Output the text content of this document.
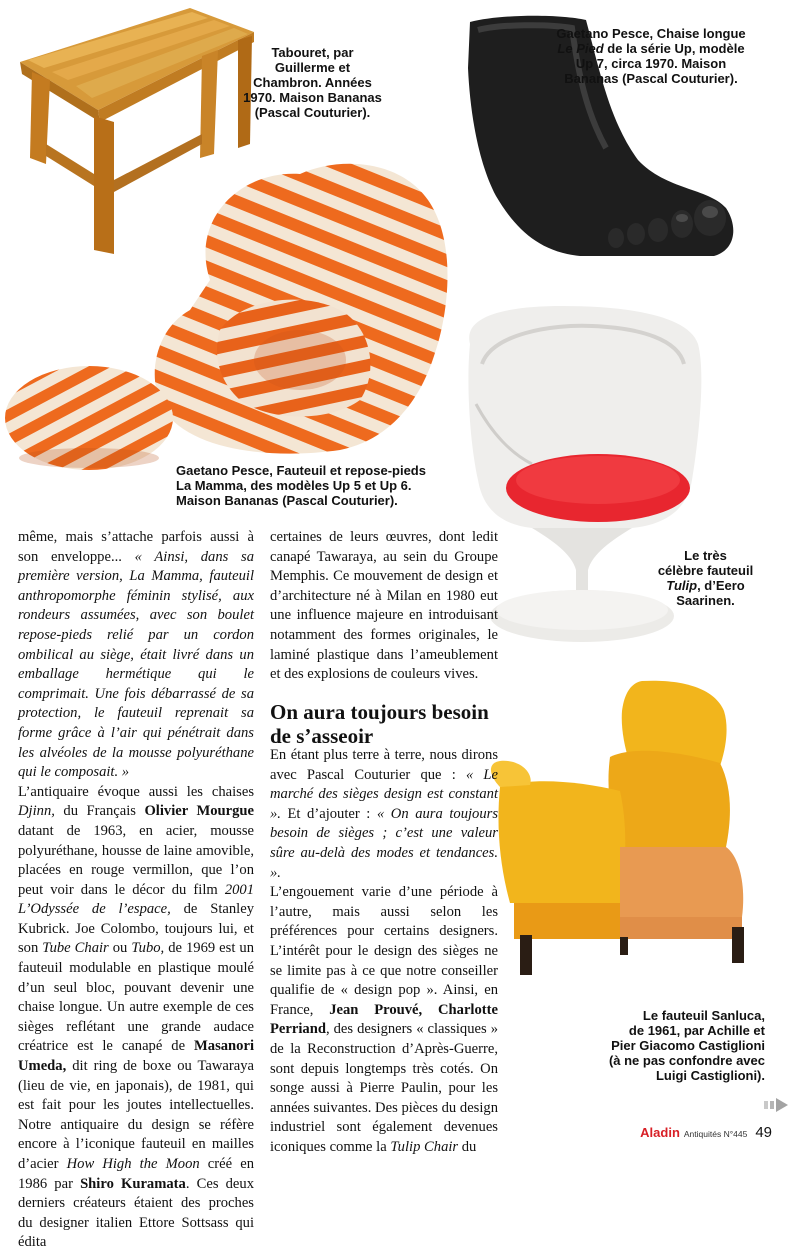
Tabouret, par
Guillerme et
Chambron. Années
1970. Maison Bananas
(Pascal Couturier).
Gaetano Pesce, Chaise longue
Le Pied de la série Up, modèle
Up 7, circa 1970. Maison
Bananas (Pascal Couturier).
Gaetano Pesce, Fauteuil et repose-pieds
La Mamma, des modèles Up 5 et Up 6.
Maison Bananas (Pascal Couturier).
Le très
célèbre fauteuil
Tulip, d’Eero
Saarinen.
Le fauteuil Sanluca,
de 1961, par Achille et
Pier Giacomo Castiglioni
(à ne pas confondre avec
Luigi Castiglioni).

même, mais s’attache parfois aussi à son enveloppe... « Ainsi, dans sa première version, La Mamma, fauteuil anthropomorphe féminin stylisé, aux rondeurs assumées, avec son boulet repose-pieds relié par un cordon ombilical au siège, était livré dans un emballage hermétique qui le comprimait. Une fois débarrassé de sa protection, le fauteuil reprenait sa forme grâce à l’air qui pénétrait dans les alvéoles de la mousse polyuréthane qui le composait. »

L’antiquaire évoque aussi les chaises Djinn, du Français Olivier Mourgue datant de 1963, en acier, mousse polyuréthane, housse de laine amovible, placées en rouge vermillon, que l’on peut voir dans le décor du film 2001 L’Odyssée de l’espace, de Stanley Kubrick. Joe Colombo, toujours lui, et son Tube Chair ou Tubo, de 1969 est un fauteuil modulable en plastique moulé d’un seul bloc, pouvant devenir une chaise longue. Un autre exemple de ces sièges reflétant une grande audace créatrice est le canapé de Masanori Umeda, dit ring de boxe ou Tawaraya (lieu de vie, en japonais), de 1981, qui est fait pour les joutes intellectuelles. Notre antiquaire du design se réfère encore à l’iconique fauteuil en mailles d’acier How High the Moon créé en 1986 par Shiro Kuramata. Ces deux derniers créateurs étaient des proches du designer italien Ettore Sottsass qui édita

certaines de leurs œuvres, dont ledit canapé Tawaraya, au sein du Groupe Memphis. Ce mouvement de design et d’architecture né à Milan en 1980 eut une influence majeure en introduisant notamment des formes originales, le laminé plastique dans l’ameublement et des explosions de couleurs vives.

On aura toujours besoin de s’asseoir

En étant plus terre à terre, nous dirons avec Pascal Couturier que : « Le marché des sièges design est constant ». Et d’ajouter : « On aura toujours besoin de sièges ; c’est une valeur sûre au-delà des modes et tendances. ».

L’engouement varie d’une période à l’autre, mais aussi selon les préférences pour certains designers. L’intérêt pour le design des sièges ne se limite pas à ce que notre conseiller qualifie de « design pop ». Ainsi, en France, Jean Prouvé, Charlotte Perriand, des designers « classiques » de la Reconstruction d’Après-Guerre, sont depuis longtemps très cotés. On songe aussi à Pierre Paulin, pour les années suivantes. Des pièces du design industriel sont également devenues iconiques comme la Tulip Chair du

Aladin Antiquités N°445 49
